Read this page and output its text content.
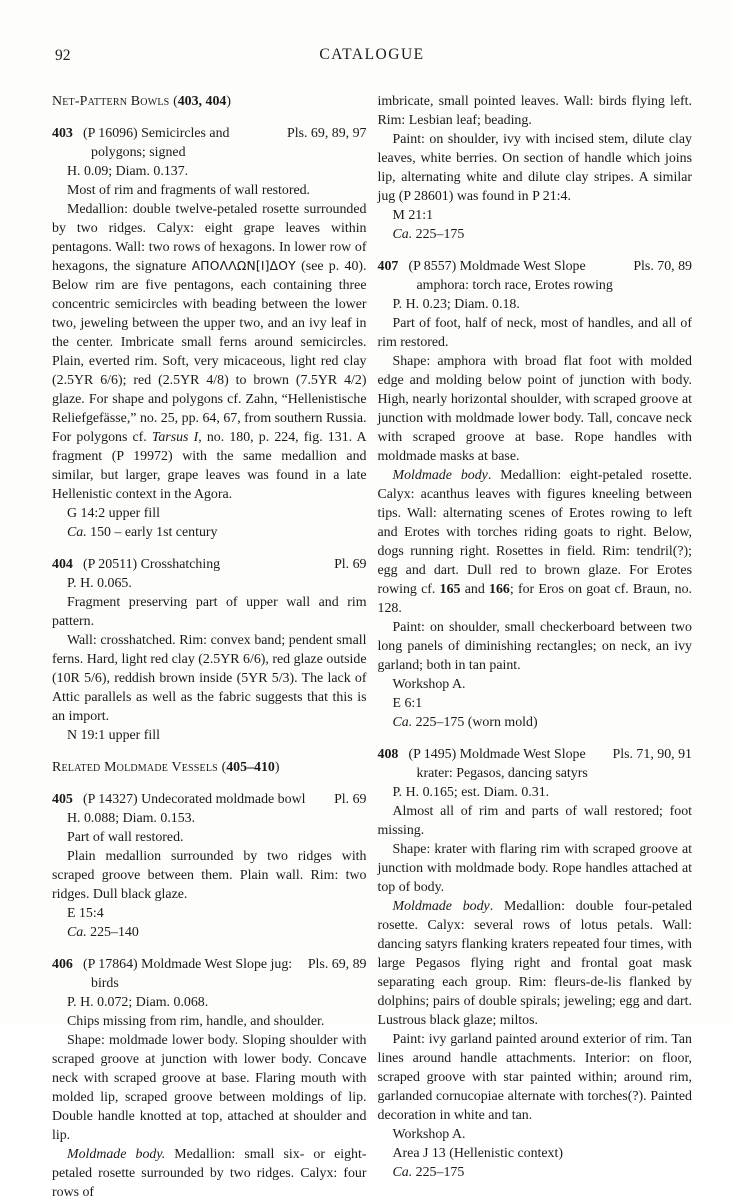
92	CATALOGUE
Net-Pattern Bowls (403, 404)
403 (P 16096) Semicircles and	Pls. 69, 89, 97
polygons; signed

H. 0.09; Diam. 0.137.

Most of rim and fragments of wall restored.

Medallion: double twelve-petaled rosette surrounded by two ridges. Calyx: eight grape leaves within pentagons. Wall: two rows of hexagons. In lower row of hexagons, the signature ΑΠΟΛΛΩΝ[Ι]ΔΟΥ (see p. 40). Below rim are five pentagons, each containing three concentric semicircles with beading between the lower two, jeweling between the upper two, and an ivy leaf in the center. Imbricate small ferns around semicircles. Plain, everted rim. Soft, very micaceous, light red clay (2.5YR 6/6); red (2.5YR 4/8) to brown (7.5YR 4/2) glaze. For shape and polygons cf. Zahn, “Hellenistische Reliefgefässe,” no. 25, pp. 64, 67, from southern Russia. For polygons cf. Tarsus I, no. 180, p. 224, fig. 131. A fragment (P 19972) with the same medallion and similar, but larger, grape leaves was found in a late Hellenistic context in the Agora.

G 14:2 upper fill

Ca. 150 – early 1st century

404 (P 20511) Crosshatching	Pl. 69

P. H. 0.065.

Fragment preserving part of upper wall and rim pattern.

Wall: crosshatched. Rim: convex band; pendent small ferns. Hard, light red clay (2.5YR 6/6), red glaze outside (10R 5/6), reddish brown inside (5YR 5/3). The lack of Attic parallels as well as the fabric suggests that this is an import.

N 19:1 upper fill

Related Moldmade Vessels (405–410)
405 (P 14327) Undecorated moldmade bowl	Pl. 69

H. 0.088; Diam. 0.153.

Part of wall restored.

Plain medallion surrounded by two ridges with scraped groove between them. Plain wall. Rim: two ridges. Dull black glaze.

E 15:4

Ca. 225–140

406 (P 17864) Moldmade West Slope jug:	Pls. 69, 89
birds

P. H. 0.072; Diam. 0.068.

Chips missing from rim, handle, and shoulder.

Shape: moldmade lower body. Sloping shoulder with scraped groove at junction with lower body. Concave neck with scraped groove at base. Flaring mouth with molded lip, scraped groove between moldings of lip. Double handle knotted at top, attached at shoulder and lip.

Moldmade body. Medallion: small six- or eight-petaled rosette surrounded by two ridges. Calyx: four rows of

imbricate, small pointed leaves. Wall: birds flying left. Rim: Lesbian leaf; beading.

Paint: on shoulder, ivy with incised stem, dilute clay leaves, white berries. On section of handle which joins lip, alternating white and dilute clay stripes. A similar jug (P 28601) was found in P 21:4.

M 21:1

Ca. 225–175

407 (P 8557) Moldmade West Slope	Pls. 70, 89
amphora: torch race, Erotes rowing

P. H. 0.23; Diam. 0.18.

Part of foot, half of neck, most of handles, and all of rim restored.

Shape: amphora with broad flat foot with molded edge and molding below point of junction with body. High, nearly horizontal shoulder, with scraped groove at junction with moldmade lower body. Tall, concave neck with scraped groove at base. Rope handles with moldmade masks at base.

Moldmade body. Medallion: eight-petaled rosette. Calyx: acanthus leaves with figures kneeling between tips. Wall: alternating scenes of Erotes rowing to left and Erotes with torches riding goats to right. Below, dogs running right. Rosettes in field. Rim: tendril(?); egg and dart. Dull red to brown glaze. For Erotes rowing cf. 165 and 166; for Eros on goat cf. Braun, no. 128.

Paint: on shoulder, small checkerboard between two long panels of diminishing rectangles; on neck, an ivy garland; both in tan paint.

Workshop A.

E 6:1

Ca. 225–175 (worn mold)

408 (P 1495) Moldmade West Slope	Pls. 71, 90, 91
krater: Pegasos, dancing satyrs

P. H. 0.165; est. Diam. 0.31.

Almost all of rim and parts of wall restored; foot missing.

Shape: krater with flaring rim with scraped groove at junction with moldmade body. Rope handles attached at top of body.

Moldmade body. Medallion: double four-petaled rosette. Calyx: several rows of lotus petals. Wall: dancing satyrs flanking kraters repeated four times, with large Pegasos flying right and frontal goat mask separating each group. Rim: fleurs-de-lis flanked by dolphins; pairs of double spirals; jeweling; egg and dart. Lustrous black glaze; miltos.

Paint: ivy garland painted around exterior of rim. Tan lines around handle attachments. Interior: on floor, scraped groove with star painted within; around rim, garlanded cornucopiae alternate with torches(?). Painted decoration in white and tan.

Workshop A.

Area J 13 (Hellenistic context)

Ca. 225–175
